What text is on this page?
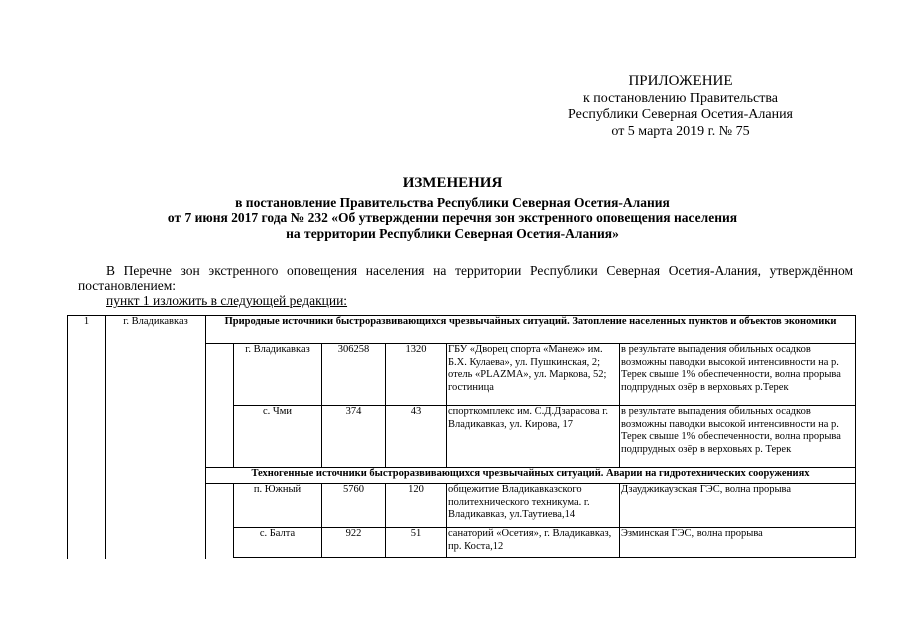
ПРИЛОЖЕНИЕ
к постановлению Правительства
Республики Северная Осетия-Алания
от 5 марта 2019 г. № 75
ИЗМЕНЕНИЯ
в постановление Правительства Республики Северная Осетия-Алания
от 7 июня 2017 года № 232 «Об утверждении перечня зон экстренного оповещения населения
на территории Республики Северная Осетия-Алания»
В Перечне зон экстренного оповещения населения на территории Республики Северная Осетия-Алания, утверждённом постановлением:
пункт 1 изложить в следующей редакции:
1	г. Владикавказ	Природные источники быстроразвивающихся чрезвычайных ситуаций. Затопление населенных пунктов и объектов экономики					
			г. Владикавказ	306258	1320	ГБУ «Дворец спорта «Манеж» им. Б.Х. Кулаева», ул. Пушкинская, 2; отель «PLAZMA», ул. Маркова, 52; гостиница	в результате выпадения обильных осадков возможны паводки высокой интенсивности на р. Терек свыше 1% обеспеченности, волна прорыва подпрудных озёр в верховьях р.Терек
			с. Чми	374	43	спорткомплекс им. С.Д.Дзарасова г. Владикавказ, ул. Кирова, 17	в результате выпадения обильных осадков возможны паводки высокой интенсивности на р. Терек свыше 1% обеспеченности, волна прорыва подпрудных озёр в верховьях р. Терек
		Техногенные источники быстроразвивающихся чрезвычайных ситуаций. Аварии на гидротехнических сооружениях					
			п. Южный	5760	120	общежитие Владикавказского политехнического техникума. г. Владикавказ, ул.Таутиева,14	Дзауджикаузская ГЭС, волна прорыва
			с. Балта	922	51	санаторий «Осетия», г. Владикавказ, пр. Коста,12	Эзминская ГЭС, волна прорыва
